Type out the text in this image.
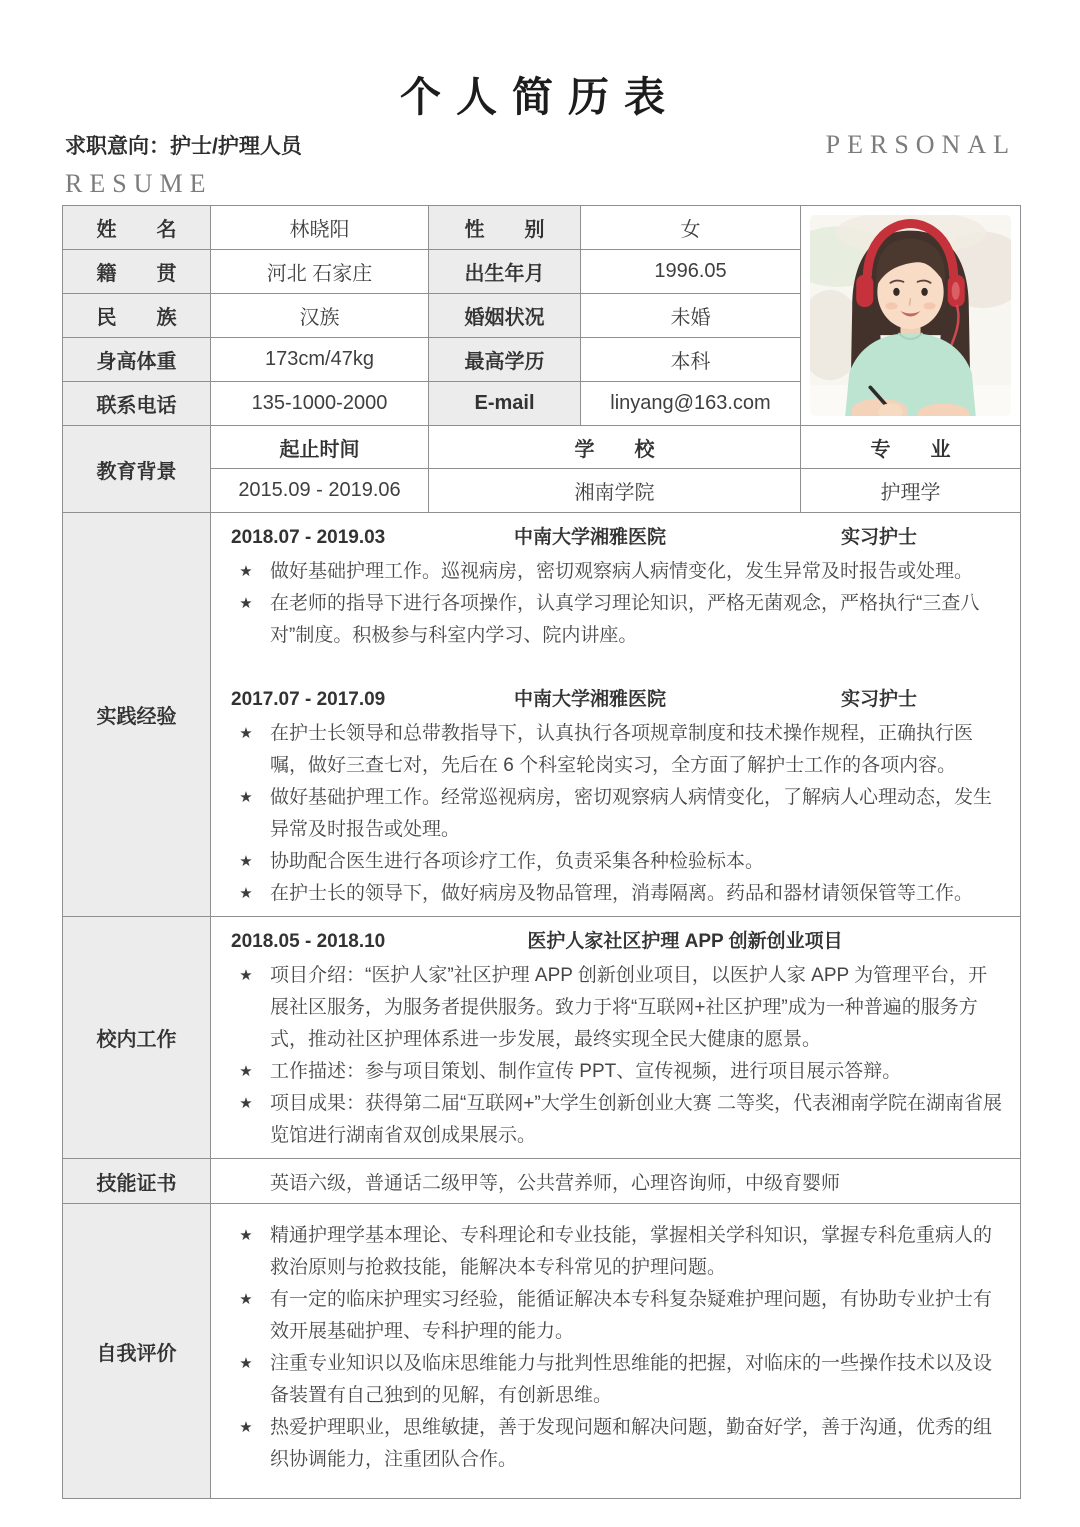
个人简历表
求职意向：护士/护理人员
RESUME
PERSONAL
姓　　名	林晓阳	性　　别	女	

籍　　贯	河北 石家庄	出生年月	1996.05	
民　　族	汉族	婚姻状况	未婚	
身高体重	173cm/47kg	最高学历	本科	
联系电话	135-1000-2000	E-mail	linyang@163.com	
教育背景	起止时间	学　　校		专　　业
	2015.09 - 2019.06	湘南学院		护理学
实践经验	
2018.07 - 2019.03	中南大学湘雅医院	实习护士
★ 做好基础护理工作。巡视病房，密切观察病人病情变化，发生异常及时报告或处理。
★ 在老师的指导下进行各项操作，认真学习理论知识，严格无菌观念，严格执行“三查八对”制度。积极参与科室内学习、院内讲座。
2017.07 - 2017.09	中南大学湘雅医院	实习护士
★ 在护士长领导和总带教指导下，认真执行各项规章制度和技术操作规程，正确执行医嘱，做好三查七对，先后在 6 个科室轮岗实习，全方面了解护士工作的各项内容。
★ 做好基础护理工作。经常巡视病房，密切观察病人病情变化，了解病人心理动态，发生异常及时报告或处理。
★ 协助配合医生进行各项诊疗工作，负责采集各种检验标本。
★ 在护士长的领导下，做好病房及物品管理，消毒隔离。药品和器材请领保管等工作。

校内工作	
2018.05 - 2018.10	医护人家社区护理 APP 创新创业项目
★ 项目介绍：“医护人家”社区护理 APP 创新创业项目，以医护人家 APP 为管理平台，开展社区服务，为服务者提供服务。致力于将“互联网+社区护理”成为一种普遍的服务方式，推动社区护理体系进一步发展，最终实现全民大健康的愿景。
★ 工作描述：参与项目策划、制作宣传 PPT、宣传视频，进行项目展示答辩。
★ 项目成果：获得第二届“互联网+”大学生创新创业大赛 二等奖，代表湘南学院在湖南省展览馆进行湖南省双创成果展示。

技能证书	英语六级，普通话二级甲等，公共营养师，心理咨询师，中级育婴师			
自我评价	
★ 精通护理学基本理论、专科理论和专业技能，掌握相关学科知识，掌握专科危重病人的救治原则与抢救技能，能解决本专科常见的护理问题。
★ 有一定的临床护理实习经验，能循证解决本专科复杂疑难护理问题，有协助专业护士有效开展基础护理、专科护理的能力。
★ 注重专业知识以及临床思维能力与批判性思维能的把握，对临床的一些操作技术以及设备装置有自己独到的见解，有创新思维。
★ 热爱护理职业，思维敏捷，善于发现问题和解决问题，勤奋好学，善于沟通，优秀的组织协调能力，注重团队合作。
